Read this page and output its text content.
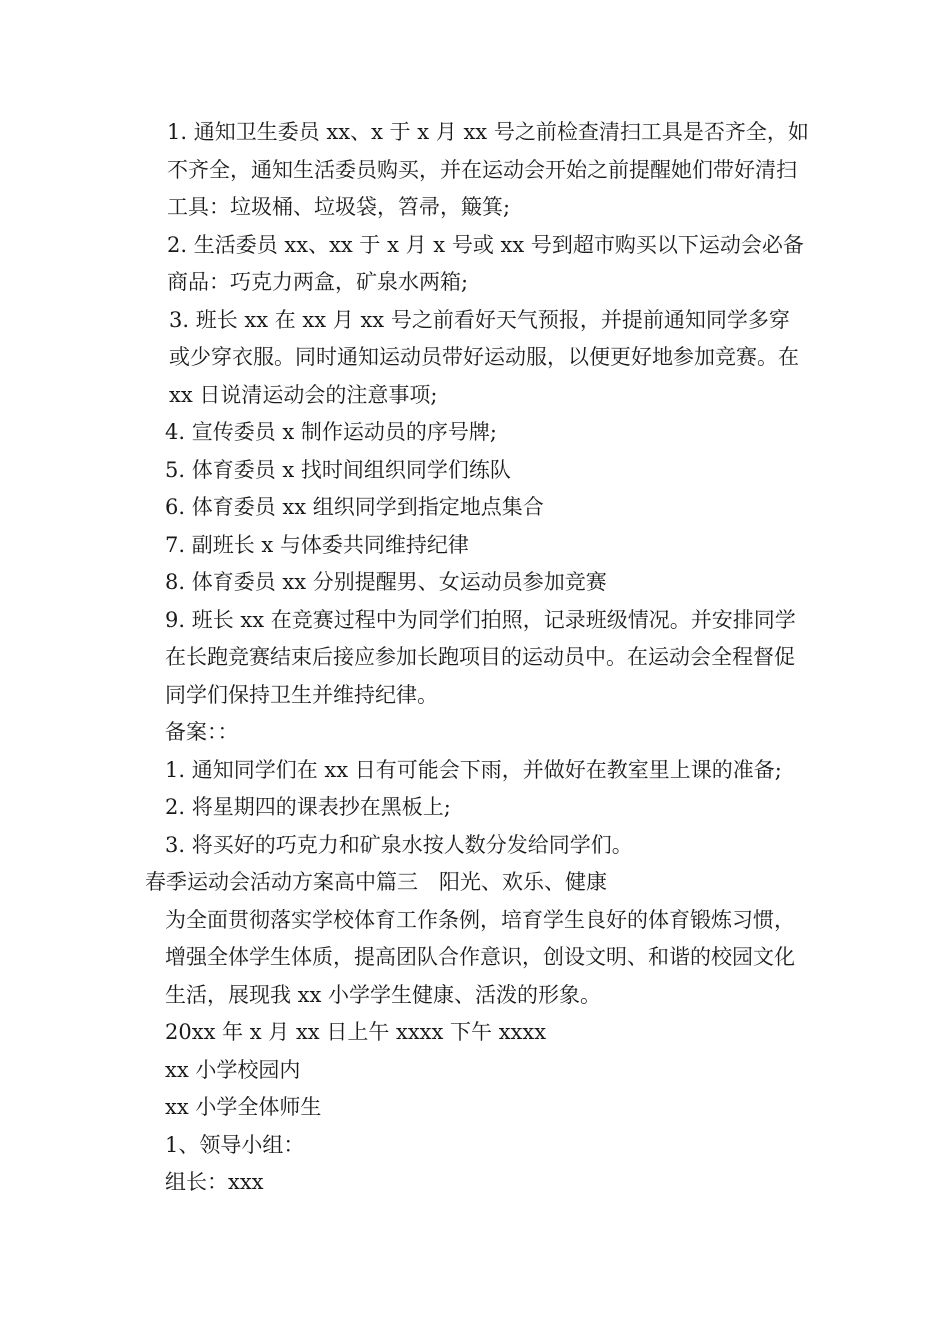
1. 通知卫生委员 xx、x 于 x 月 xx 号之前检查清扫工具是否齐全，如不齐全，通知生活委员购买，并在运动会开始之前提醒她们带好清扫工具：垃圾桶、垃圾袋，笤帚，簸箕;

2. 生活委员 xx、xx 于 x 月 x 号或 xx 号到超市购买以下运动会必备商品：巧克力两盒，矿泉水两箱;

3. 班长 xx 在 xx 月 xx 号之前看好天气预报，并提前通知同学多穿或少穿衣服。同时通知运动员带好运动服，以便更好地参加竞赛。在 xx 日说清运动会的注意事项;

4. 宣传委员 x 制作运动员的序号牌;

5. 体育委员 x 找时间组织同学们练队

6. 体育委员 xx 组织同学到指定地点集合

7. 副班长 x 与体委共同维持纪律

8. 体育委员 xx 分别提醒男、女运动员参加竞赛

9. 班长 xx 在竞赛过程中为同学们拍照，记录班级情况。并安排同学在长跑竞赛结束后接应参加长跑项目的运动员中。在运动会全程督促同学们保持卫生并维持纪律。

备案：：

1. 通知同学们在 xx 日有可能会下雨，并做好在教室里上课的准备;

2. 将星期四的课表抄在黑板上;

3. 将买好的巧克力和矿泉水按人数分发给同学们。

春季运动会活动方案高中篇三　阳光、欢乐、健康

为全面贯彻落实学校体育工作条例，培育学生良好的体育锻炼习惯，增强全体学生体质，提高团队合作意识，创设文明、和谐的校园文化生活，展现我 xx 小学学生健康、活泼的形象。

20xx 年 x 月 xx 日上午 xxxx 下午 xxxx

xx 小学校园内

xx 小学全体师生

1、领导小组：

组长：xxx
